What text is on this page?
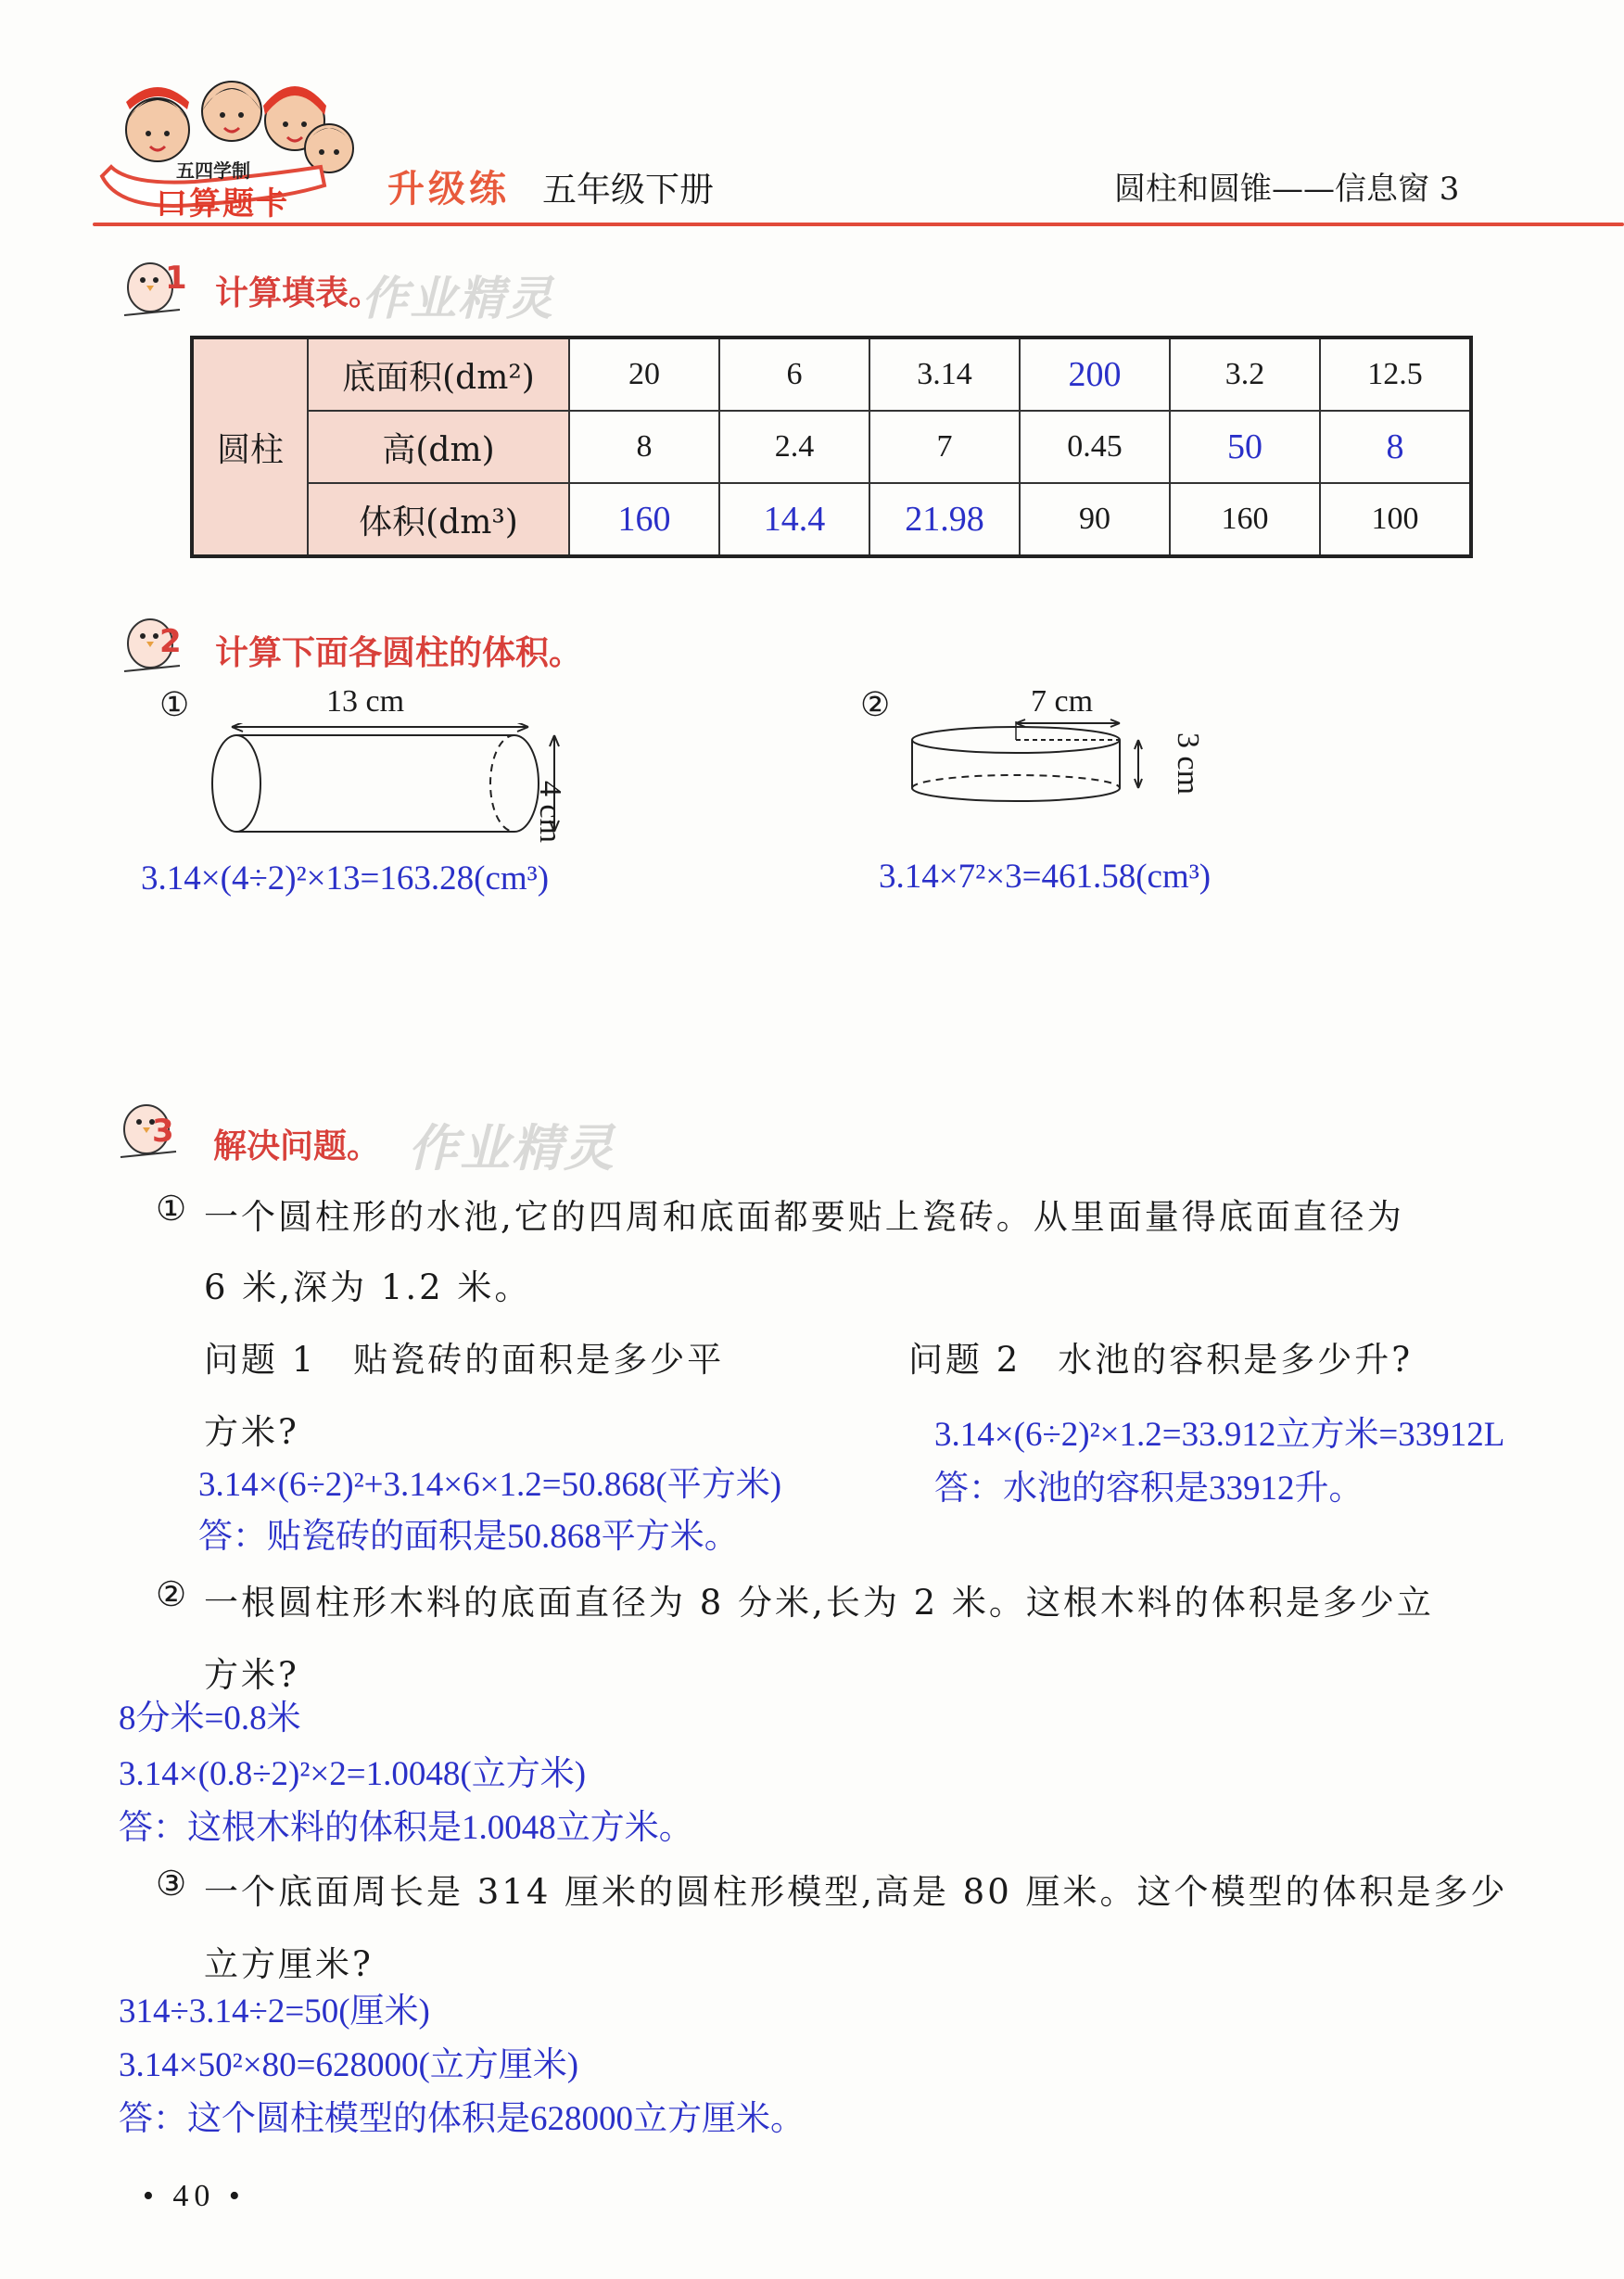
五四学制
口算题卡	升级练 五年级下册	圆柱和圆锥——信息窗 3
1 计算填表。
作业精灵
圆柱	底面积(dm²)	20	6	3.14	200	3.2	12.5
	高(dm)	8	2.4	7	0.45	50	8
	体积(dm³)	160	14.4	21.98	90	160	100
2 计算下面各圆柱的体积。
①	13 cm
4 cm
3.14×(4÷2)²×13=163.28(cm³)
②	7 cm
3 cm
3.14×7²×3=461.58(cm³)
3 解决问题。 作业精灵
① 一个圆柱形的水池,它的四周和底面都要贴上瓷砖。从里面量得底面直径为
6 米,深为 1.2 米。
问题 1　贴瓷砖的面积是多少平
方米?
问题 2　水池的容积是多少升?
3.14×(6÷2)²+3.14×6×1.2=50.868(平方米)
答：贴瓷砖的面积是50.868平方米。
3.14×(6÷2)²×1.2=33.912立方米=33912L
答：水池的容积是33912升。
② 一根圆柱形木料的底面直径为 8 分米,长为 2 米。这根木料的体积是多少立
方米?
8分米=0.8米
3.14×(0.8÷2)²×2=1.0048(立方米)
答：这根木料的体积是1.0048立方米。
③ 一个底面周长是 314 厘米的圆柱形模型,高是 80 厘米。这个模型的体积是多少
立方厘米?
314÷3.14÷2=50(厘米)
3.14×50²×80=628000(立方厘米)
答：这个圆柱模型的体积是628000立方厘米。
• 40 •
